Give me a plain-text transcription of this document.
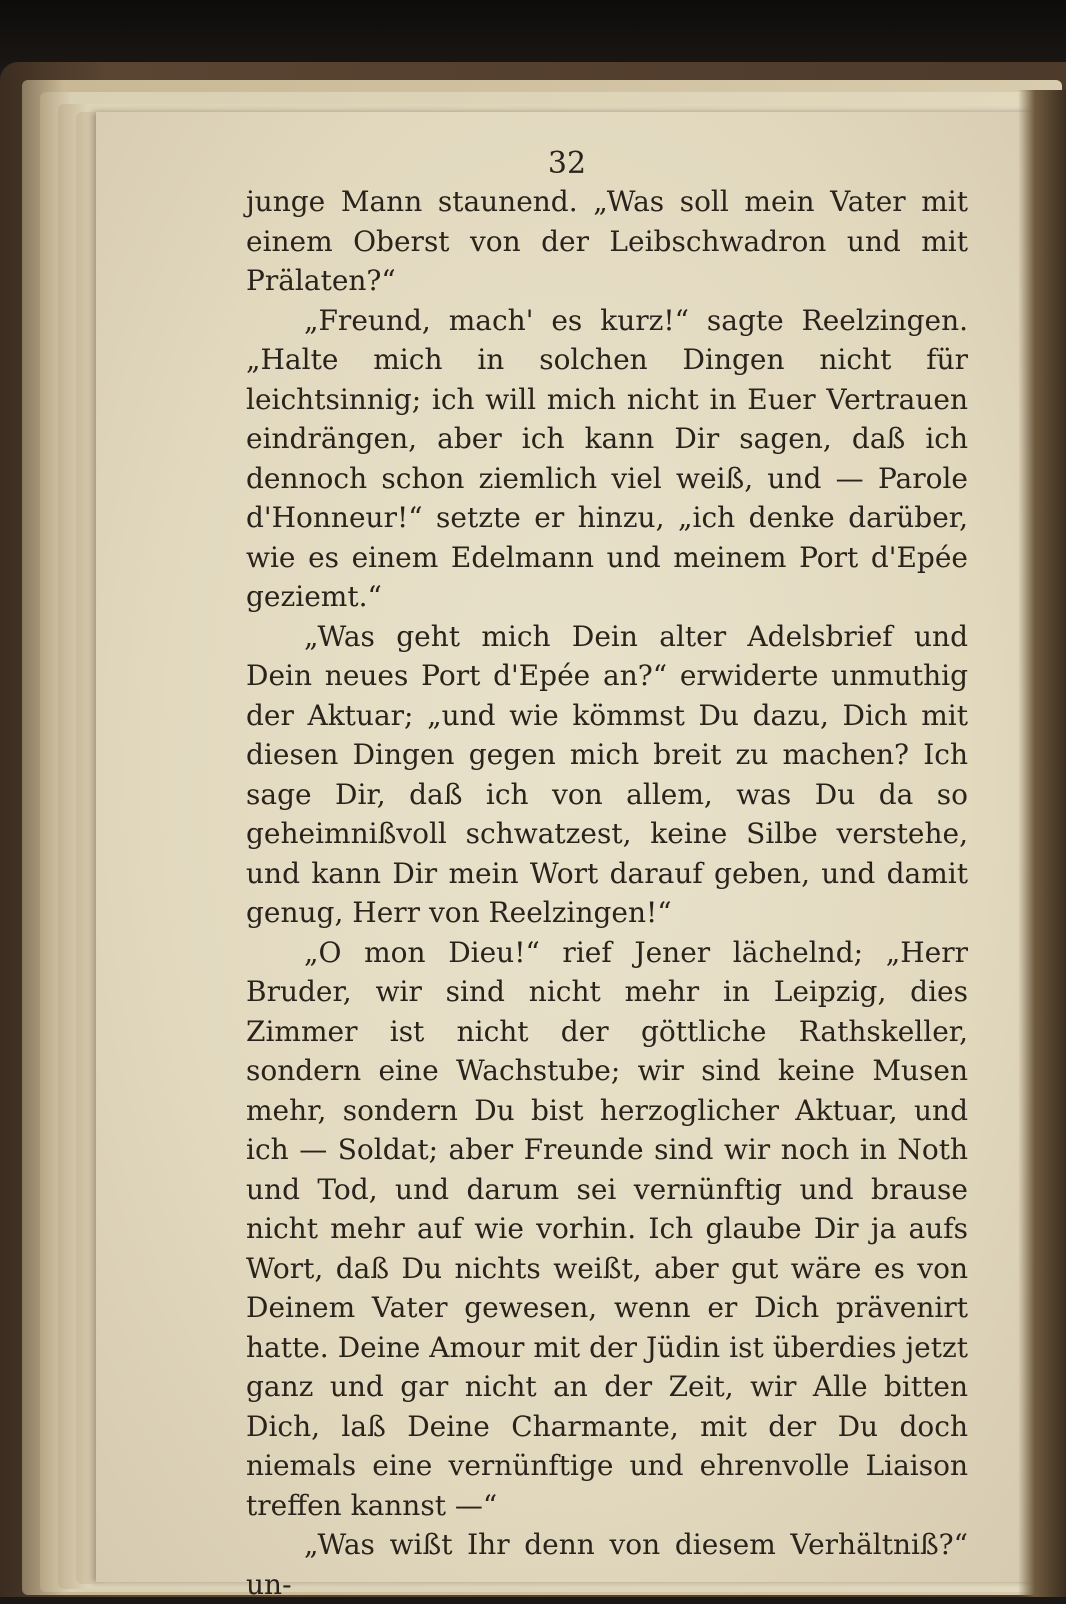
32

junge Mann staunend. „Was soll mein Vater mit einem Oberst von der Leibschwadron und mit Prälaten?“

„Freund, mach' es kurz!“ sagte Reelzingen. „Halte mich in solchen Dingen nicht für leichtsinnig; ich will mich nicht in Euer Vertrauen eindrängen, aber ich kann Dir sagen, daß ich dennoch schon ziemlich viel weiß, und — Parole d'Honneur!“ setzte er hinzu, „ich denke darüber, wie es einem Edelmann und meinem Port d'Epée geziemt.“

„Was geht mich Dein alter Adelsbrief und Dein neues Port d'Epée an?“ erwiderte unmuthig der Aktuar; „und wie kömmst Du dazu, Dich mit diesen Dingen gegen mich breit zu machen? Ich sage Dir, daß ich von allem, was Du da so geheimnißvoll schwatzest, keine Silbe verstehe, und kann Dir mein Wort darauf geben, und damit genug, Herr von Reelzingen!“

„O mon Dieu!“ rief Jener lächelnd; „Herr Bruder, wir sind nicht mehr in Leipzig, dies Zimmer ist nicht der göttliche Rathskeller, sondern eine Wachstube; wir sind keine Musen mehr, sondern Du bist herzoglicher Aktuar, und ich — Soldat; aber Freunde sind wir noch in Noth und Tod, und darum sei vernünftig und brause nicht mehr auf wie vorhin. Ich glaube Dir ja aufs Wort, daß Du nichts weißt, aber gut wäre es von Deinem Vater gewesen, wenn er Dich prävenirt hatte. Deine Amour mit der Jüdin ist überdies jetzt ganz und gar nicht an der Zeit, wir Alle bitten Dich, laß Deine Charmante, mit der Du doch niemals eine vernünftige und ehrenvolle Liaison treffen kannst —“

„Was wißt Ihr denn von diesem Verhältniß?“ un-
